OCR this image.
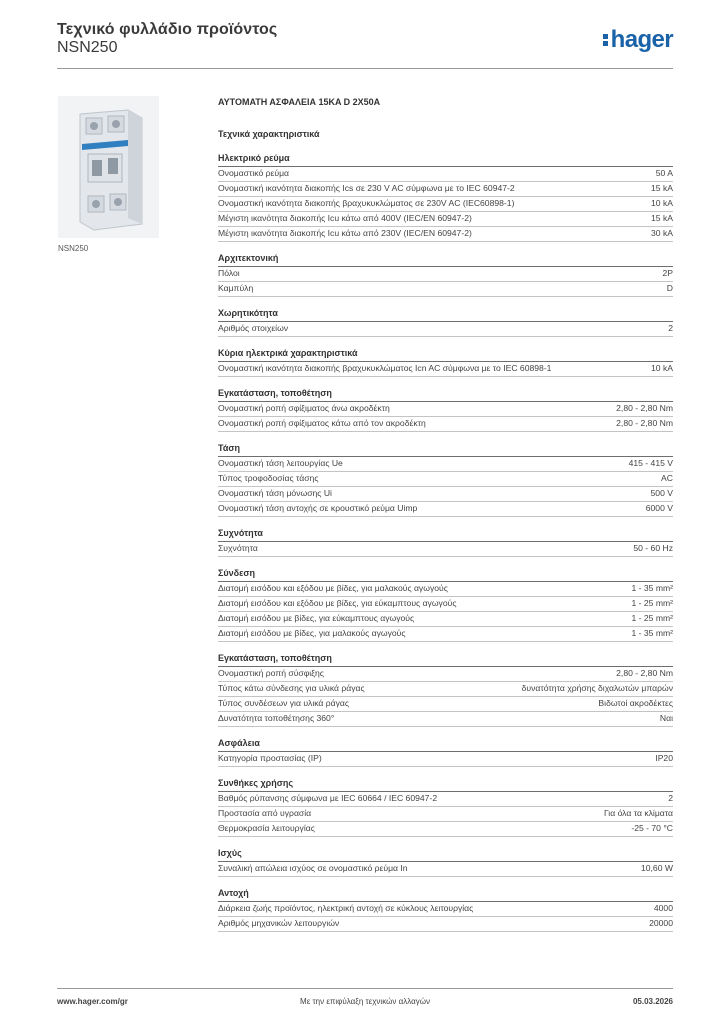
Τεχνικό φυλλάδιο προϊόντος
NSN250	hager
NSN250
ΑΥΤΟΜΑΤΗ ΑΣΦΑΛΕΙΑ 15KA D 2X50A
Τεχνικά χαρακτηριστικά
Ηλεκτρικό ρεύμα
Ονομαστικό ρεύμα	50 A
Ονομαστική ικανότητα διακοπής Ics σε 230 V AC σύμφωνα με το IEC 60947-2	15 kA
Ονομαστική ικανότητα διακοπής βραχυκυκλώματος σε 230V AC (IEC60898-1)	10 kA
Μέγιστη ικανότητα διακοπής Icu κάτω από 400V (IEC/EN 60947-2)	15 kA
Μέγιστη ικανότητα διακοπής Icu κάτω από 230V (IEC/EN 60947-2)	30 kA
Αρχιτεκτονική
Πόλοι	2P
Καμπύλη	D
Χωρητικότητα
Αριθμός στοιχείων	2
Κύρια ηλεκτρικά χαρακτηριστικά
Ονομαστική ικανότητα διακοπής βραχυκυκλώματος Icn AC σύμφωνα με το IEC 60898-1	10 kA
Εγκατάσταση, τοποθέτηση
Ονομαστική ροπή σφίξιματος άνω ακροδέκτη	2,80 - 2,80 Nm
Ονομαστική ροπή σφίξιματος κάτω από τον ακροδέκτη	2,80 - 2,80 Nm
Τάση
Ονομαστική τάση λειτουργίας Ue	415 - 415 V
Τύπος τροφοδοσίας τάσης	AC
Ονομαστική τάση μόνωσης Ui	500 V
Ονομαστική τάση αντοχής σε κρουστικό ρεύμα Uimp	6000 V
Συχνότητα
Συχνότητα	50 - 60 Hz
Σύνδεση
Διατομή εισόδου και εξόδου με βίδες, για μαλακούς αγωγούς	1 - 35 mm²
Διατομή εισόδου και εξόδου με βίδες, για εύκαμπτους αγωγούς	1 - 25 mm²
Διατομή εισόδου με βίδες, για εύκαμπτους αγωγούς	1 - 25 mm²
Διατομή εισόδου με βίδες, για μαλακούς αγωγούς	1 - 35 mm²
Εγκατάσταση, τοποθέτηση
Ονομαστική ροπή σύσφιξης	2,80 - 2,80 Nm
Τύπος κάτω σύνδεσης για υλικά ράγας	δυνατότητα χρήσης διχαλωτών μπαρών
Τύπος συνδέσεων για υλικά ράγας	Βιδωτοί ακροδέκτες
Δυνατότητα τοποθέτησης 360°	Ναι
Ασφάλεια
Κατηγορία προστασίας (IP)	IP20
Συνθήκες χρήσης
Βαθμός ρύπανσης σύμφωνα με IEC 60664 / IEC 60947-2	2
Προστασία από υγρασία	Για όλα τα κλίματα
Θερμοκρασία λειτουργίας	-25 - 70 °C
Ισχύς
Συναλική απώλεια ισχύος σε ονομαστικό ρεύμα In	10,60 W
Αντοχή
Διάρκεια ζωής προϊόντος, ηλεκτρική αντοχή σε κύκλους λειτουργίας	4000
Αριθμός μηχανικών λειτουργιών	20000
www.hager.com/gr	Με την επιφύλαξη τεχνικών αλλαγών	05.03.2026
